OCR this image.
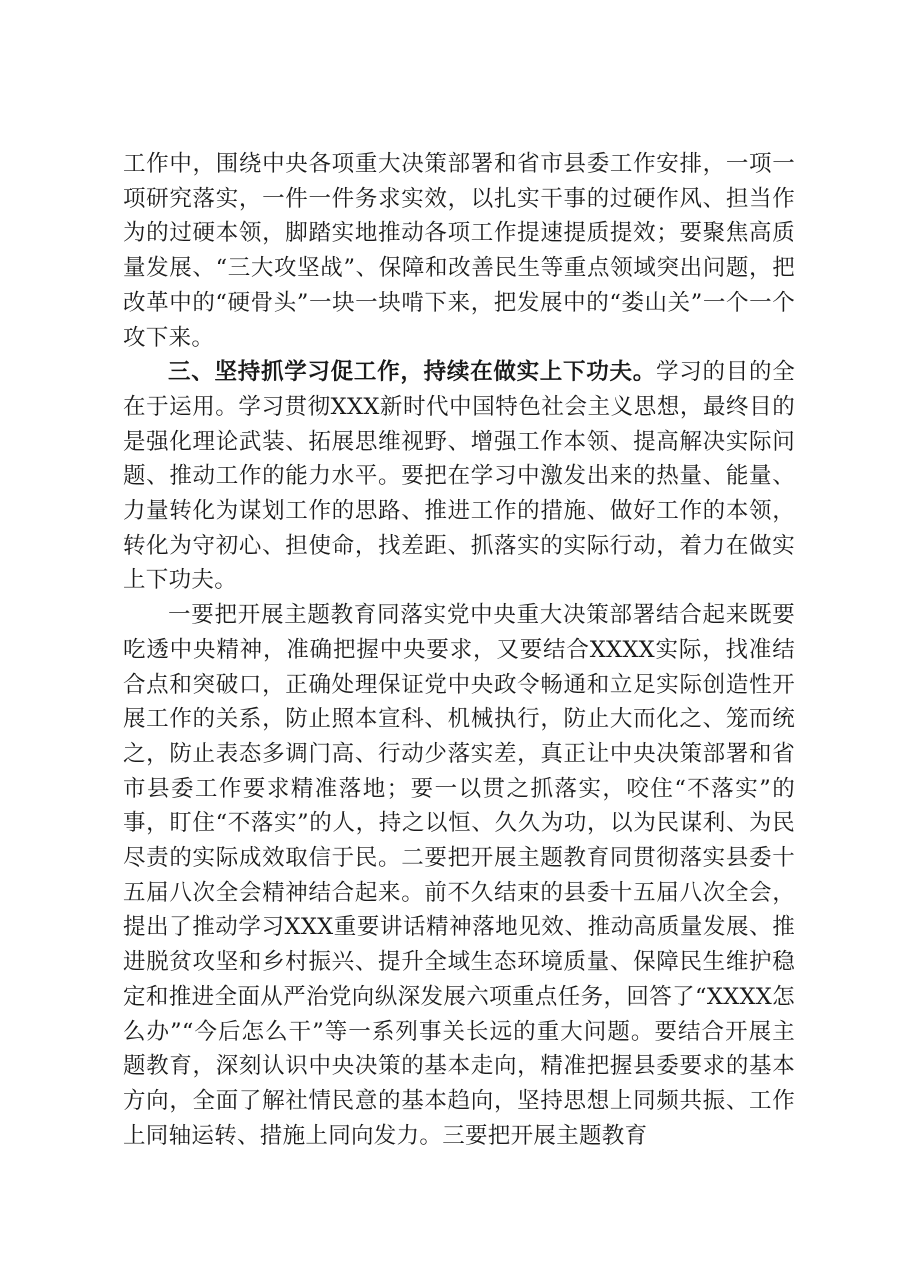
工作中，围绕中央各项重大决策部署和省市县委工作安排，一项一项研究落实，一件一件务求实效，以扎实干事的过硬作风、担当作为的过硬本领，脚踏实地推动各项工作提速提质提效；要聚焦高质量发展、“三大攻坚战”、保障和改善民生等重点领域突出问题，把改革中的“硬骨头”一块一块啃下来，把发展中的“娄山关”一个一个攻下来。

三、坚持抓学习促工作，持续在做实上下功夫。学习的目的全在于运用。学习贯彻XXX新时代中国特色社会主义思想，最终目的是强化理论武装、拓展思维视野、增强工作本领、提高解决实际问题、推动工作的能力水平。要把在学习中激发出来的热量、能量、力量转化为谋划工作的思路、推进工作的措施、做好工作的本领，转化为守初心、担使命，找差距、抓落实的实际行动，着力在做实上下功夫。

一要把开展主题教育同落实党中央重大决策部署结合起来既要吃透中央精神，准确把握中央要求，又要结合XXXX实际，找准结合点和突破口，正确处理保证党中央政令畅通和立足实际创造性开展工作的关系，防止照本宣科、机械执行，防止大而化之、笼而统之，防止表态多调门高、行动少落实差，真正让中央决策部署和省市县委工作要求精准落地；要一以贯之抓落实，咬住“不落实”的事，盯住“不落实”的人，持之以恒、久久为功，以为民谋利、为民尽责的实际成效取信于民。二要把开展主题教育同贯彻落实县委十五届八次全会精神结合起来。前不久结束的县委十五届八次全会，提出了推动学习XXX重要讲话精神落地见效、推动高质量发展、推进脱贫攻坚和乡村振兴、提升全域生态环境质量、保障民生维护稳定和推进全面从严治党向纵深发展六项重点任务，回答了“XXXX怎么办”“今后怎么干”等一系列事关长远的重大问题。要结合开展主题教育，深刻认识中央决策的基本走向，精准把握县委要求的基本方向，全面了解社情民意的基本趋向，坚持思想上同频共振、工作上同轴运转、措施上同向发力。三要把开展主题教育
